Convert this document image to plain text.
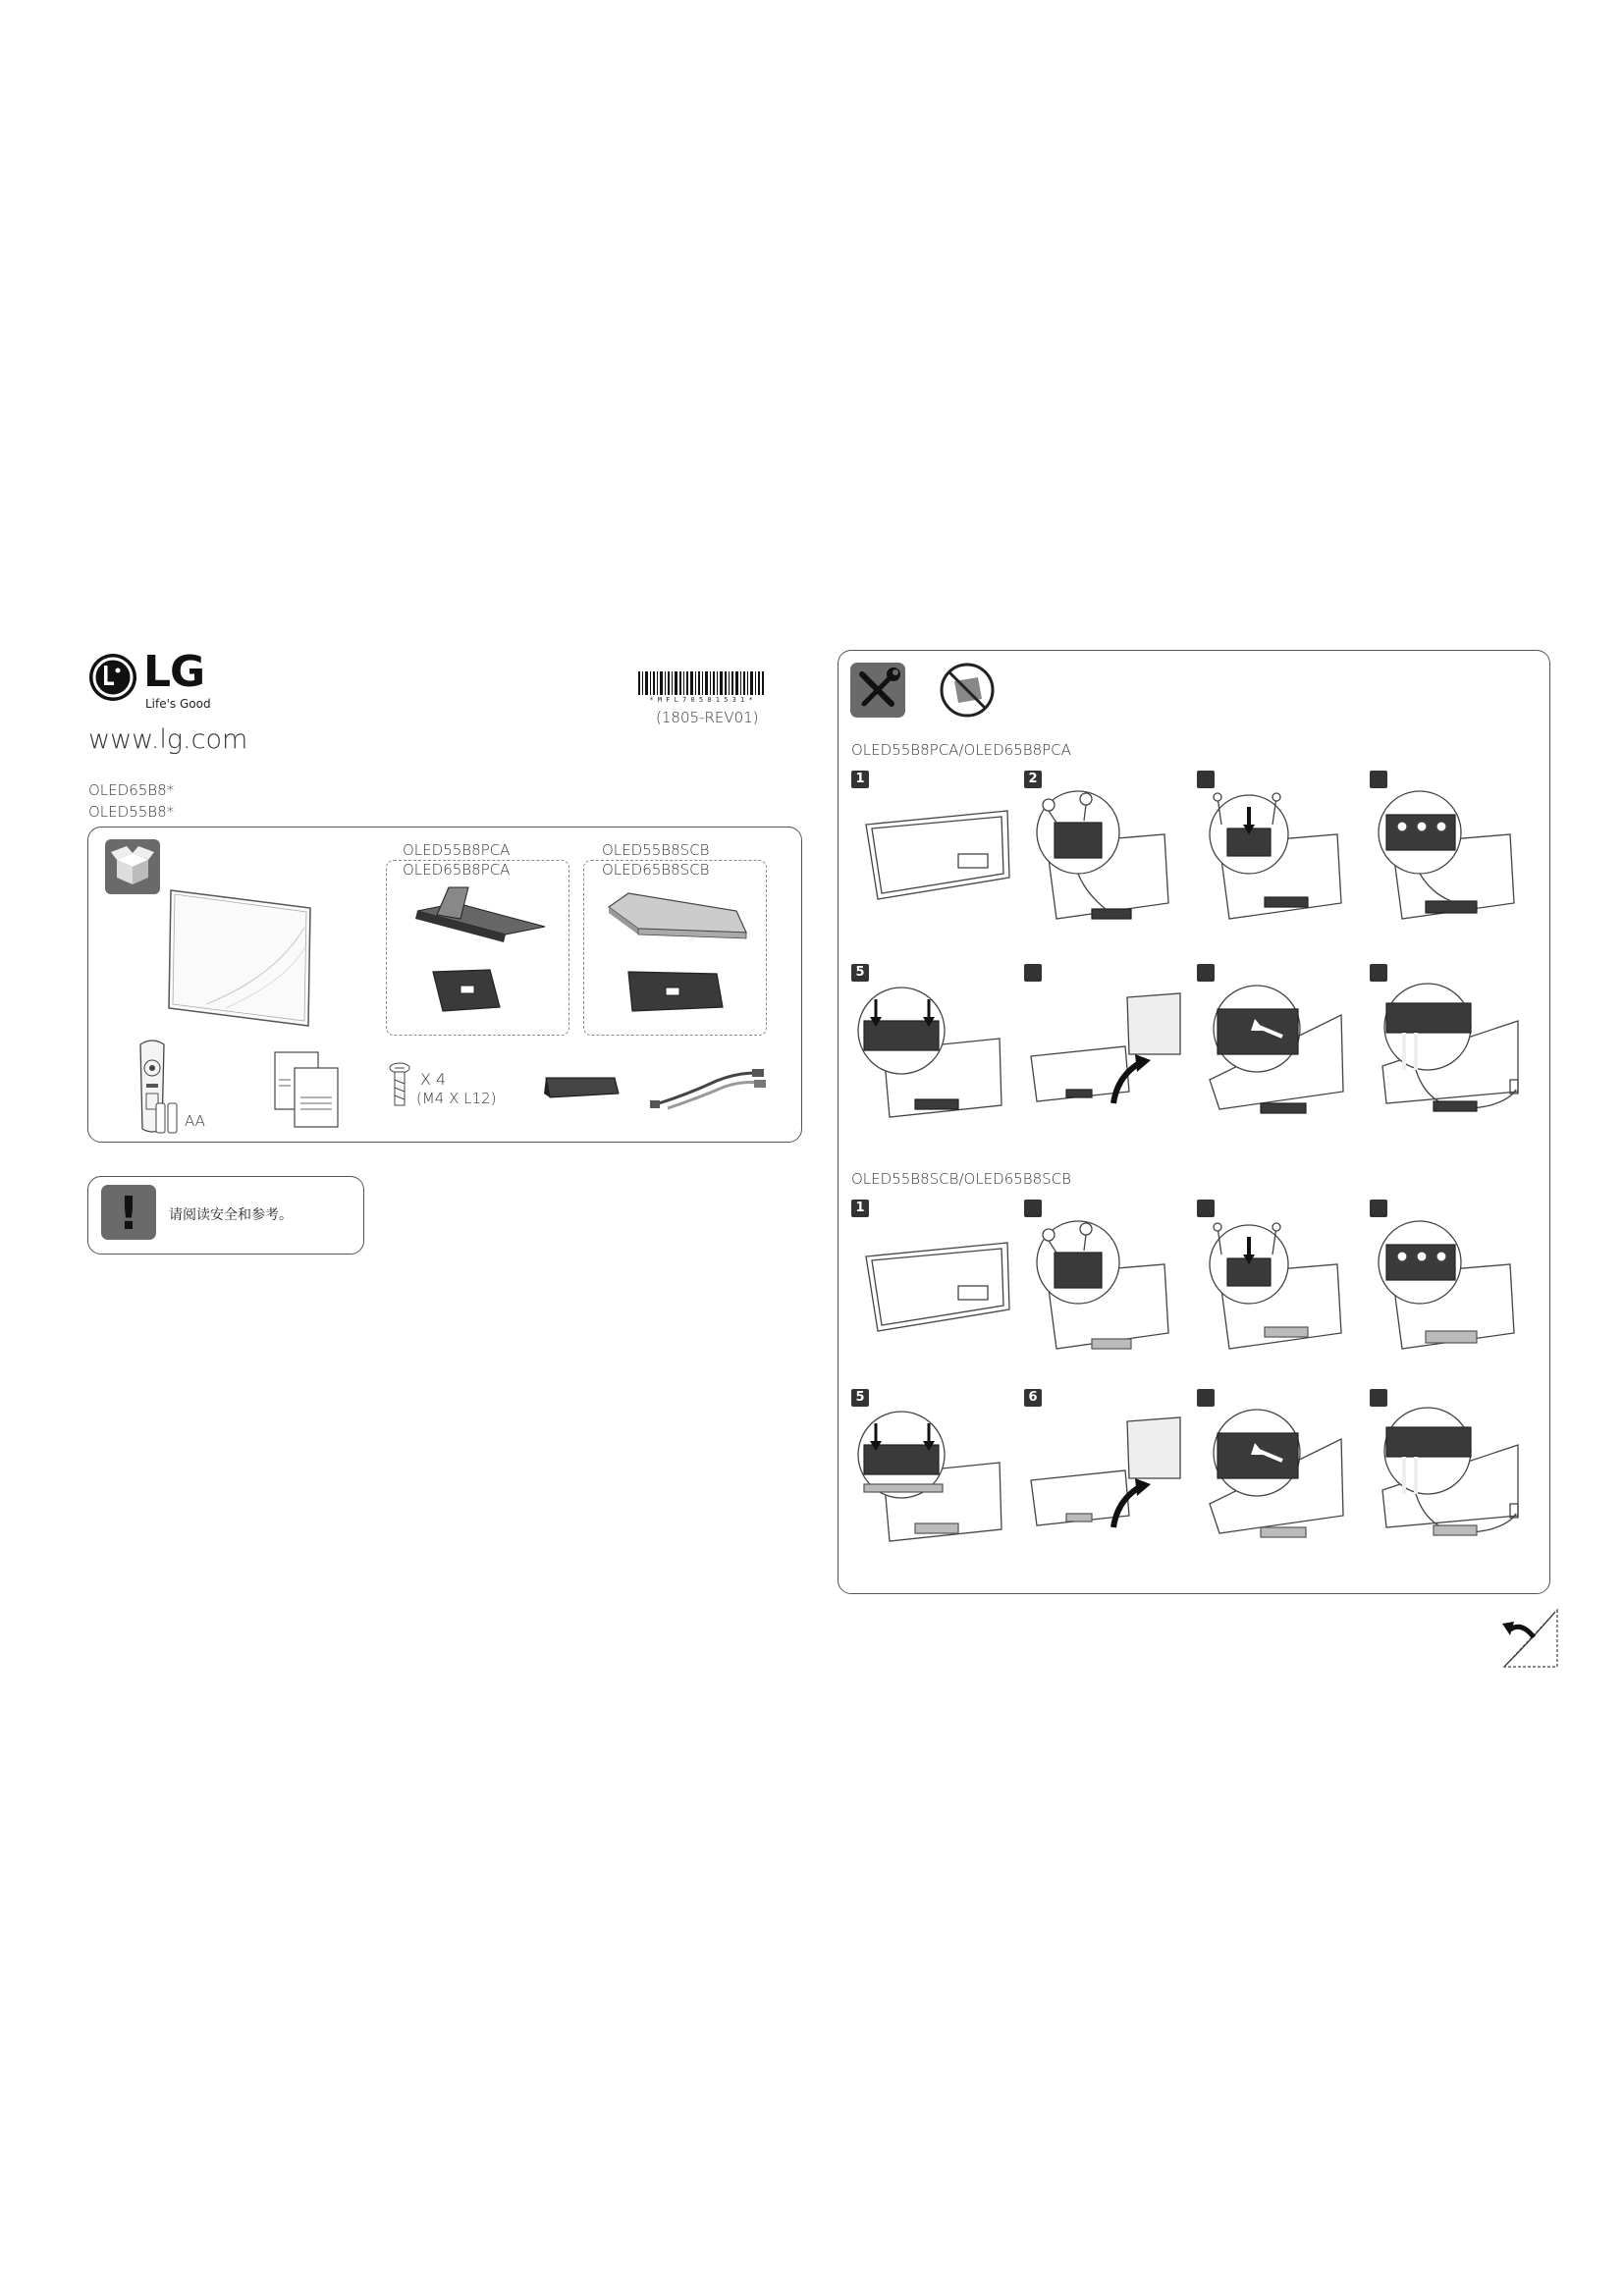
LG
Life's Good
www.lg.com
OLED65B8*
OLED55B8*
* M F L 7 0 5 8 1 5 3 1 *
(1805-REV01)
OLED55B8PCA
OLED65B8PCA
OLED55B8SCB
OLED65B8SCB
AA
X 4
(M4 X L12)
!	请阅读安全和参考。
OLED55B8PCA/OLED65B8PCA
OLED55B8SCB/OLED65B8SCB
1	2
5
1
5	6
